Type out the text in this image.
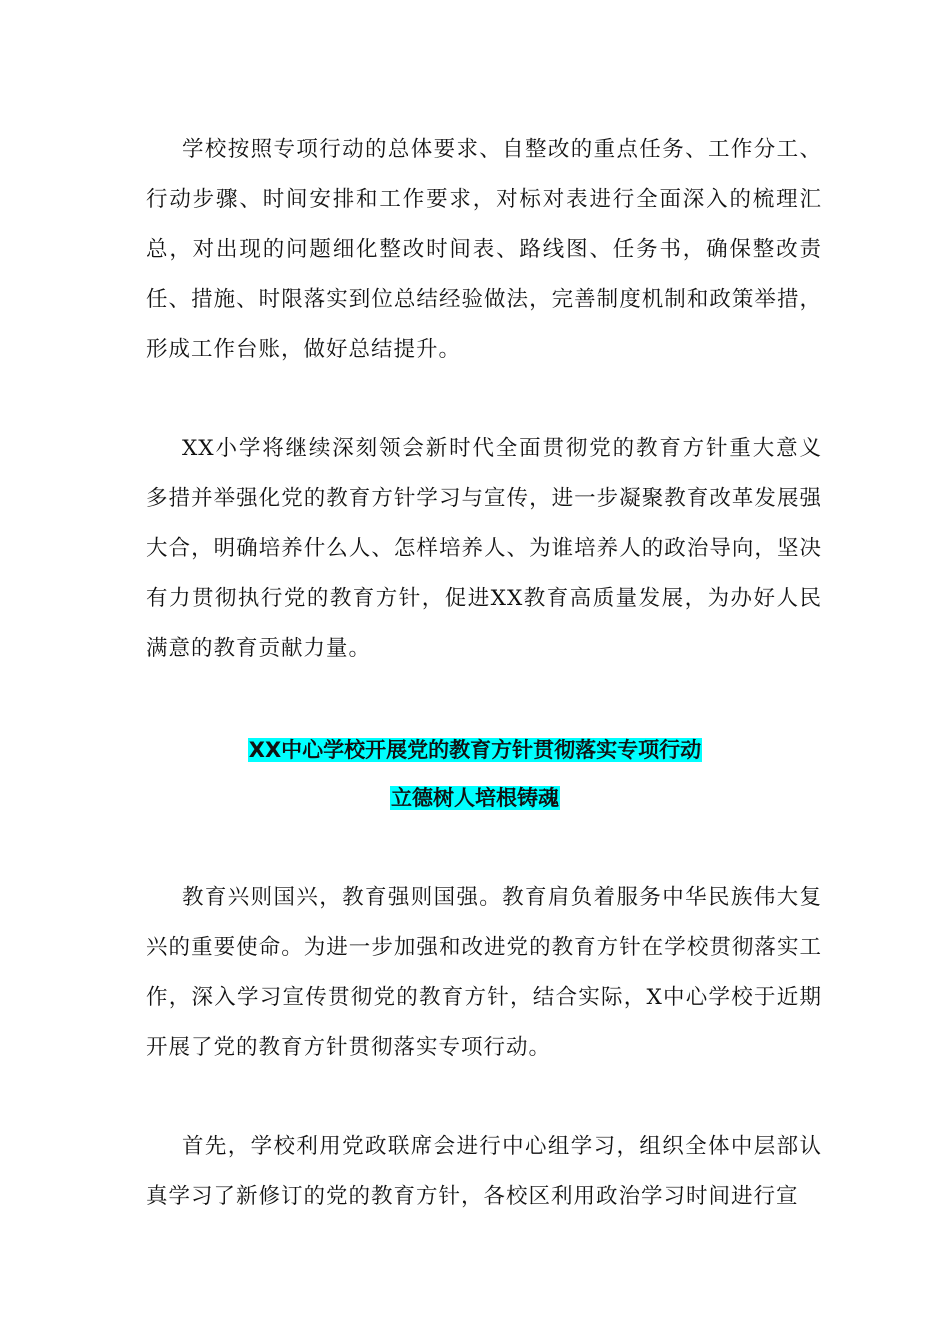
学校按照专项行动的总体要求、自整改的重点任务、工作分工、行动步骤、时间安排和工作要求，对标对表进行全面深入的梳理汇总，对出现的问题细化整改时间表、路线图、任务书，确保整改责任、措施、时限落实到位总结经验做法，完善制度机制和政策举措，形成工作台账，做好总结提升。

XX小学将继续深刻领会新时代全面贯彻党的教育方针重大意义多措并举强化党的教育方针学习与宣传，进一步凝聚教育改革发展强大合，明确培养什么人、怎样培养人、为谁培养人的政治导向，坚决有力贯彻执行党的教育方针，促进XX教育高质量发展，为办好人民满意的教育贡献力量。

XX中心学校开展党的教育方针贯彻落实专项行动

立德树人培根铸魂

教育兴则国兴，教育强则国强。教育肩负着服务中华民族伟大复兴的重要使命。为进一步加强和改进党的教育方针在学校贯彻落实工作，深入学习宣传贯彻党的教育方针，结合实际，X中心学校于近期开展了党的教育方针贯彻落实专项行动。

首先，学校利用党政联席会进行中心组学习，组织全体中层部认真学习了新修订的党的教育方针，各校区利用政治学习时间进行宣
